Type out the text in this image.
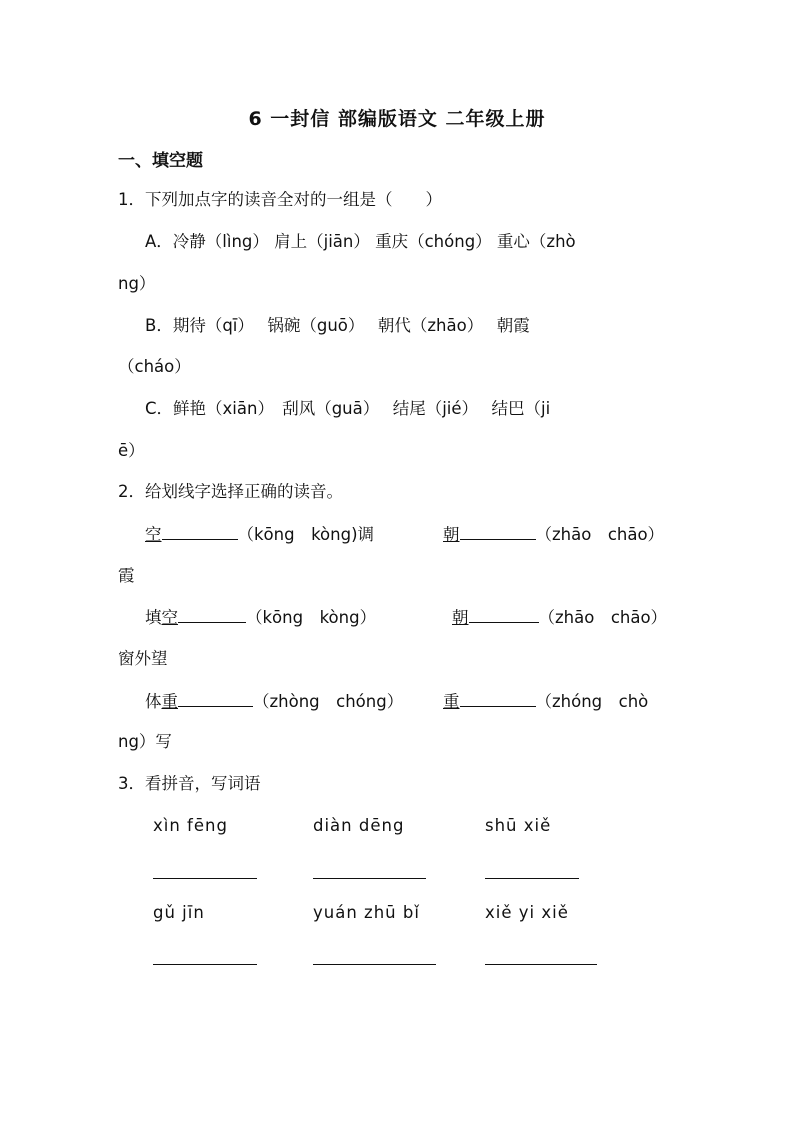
6 一封信 部编版语文 二年级上册
一、填空题
1．下列加点字的读音全对的一组是（　　）
A．冷静（lìng） 肩上（jiān） 重庆（chóng） 重心（zhò
ng）
B．期待（qī）　 锅碗（guō）　 朝代（zhāo）　 朝霞
（cháo）
C．鲜艳（xiān）　刮风（guā）　 结尾（jié）　 结巴（ji
ē）
2．给划线字选择正确的读音。
空	（kōng　kòng)调	朝	（zhāo　chāo）
霞
填空	（kōng　kòng）	朝	（zhāo　chāo）
窗外望
体重	（zhòng　chóng） 重	（zhóng　chò
ng）写
3．看拼音，写词语
xìn fēng	diàn dēng	shū xiě
gǔ jīn	yuán zhū bǐ	xiě yi xiě
